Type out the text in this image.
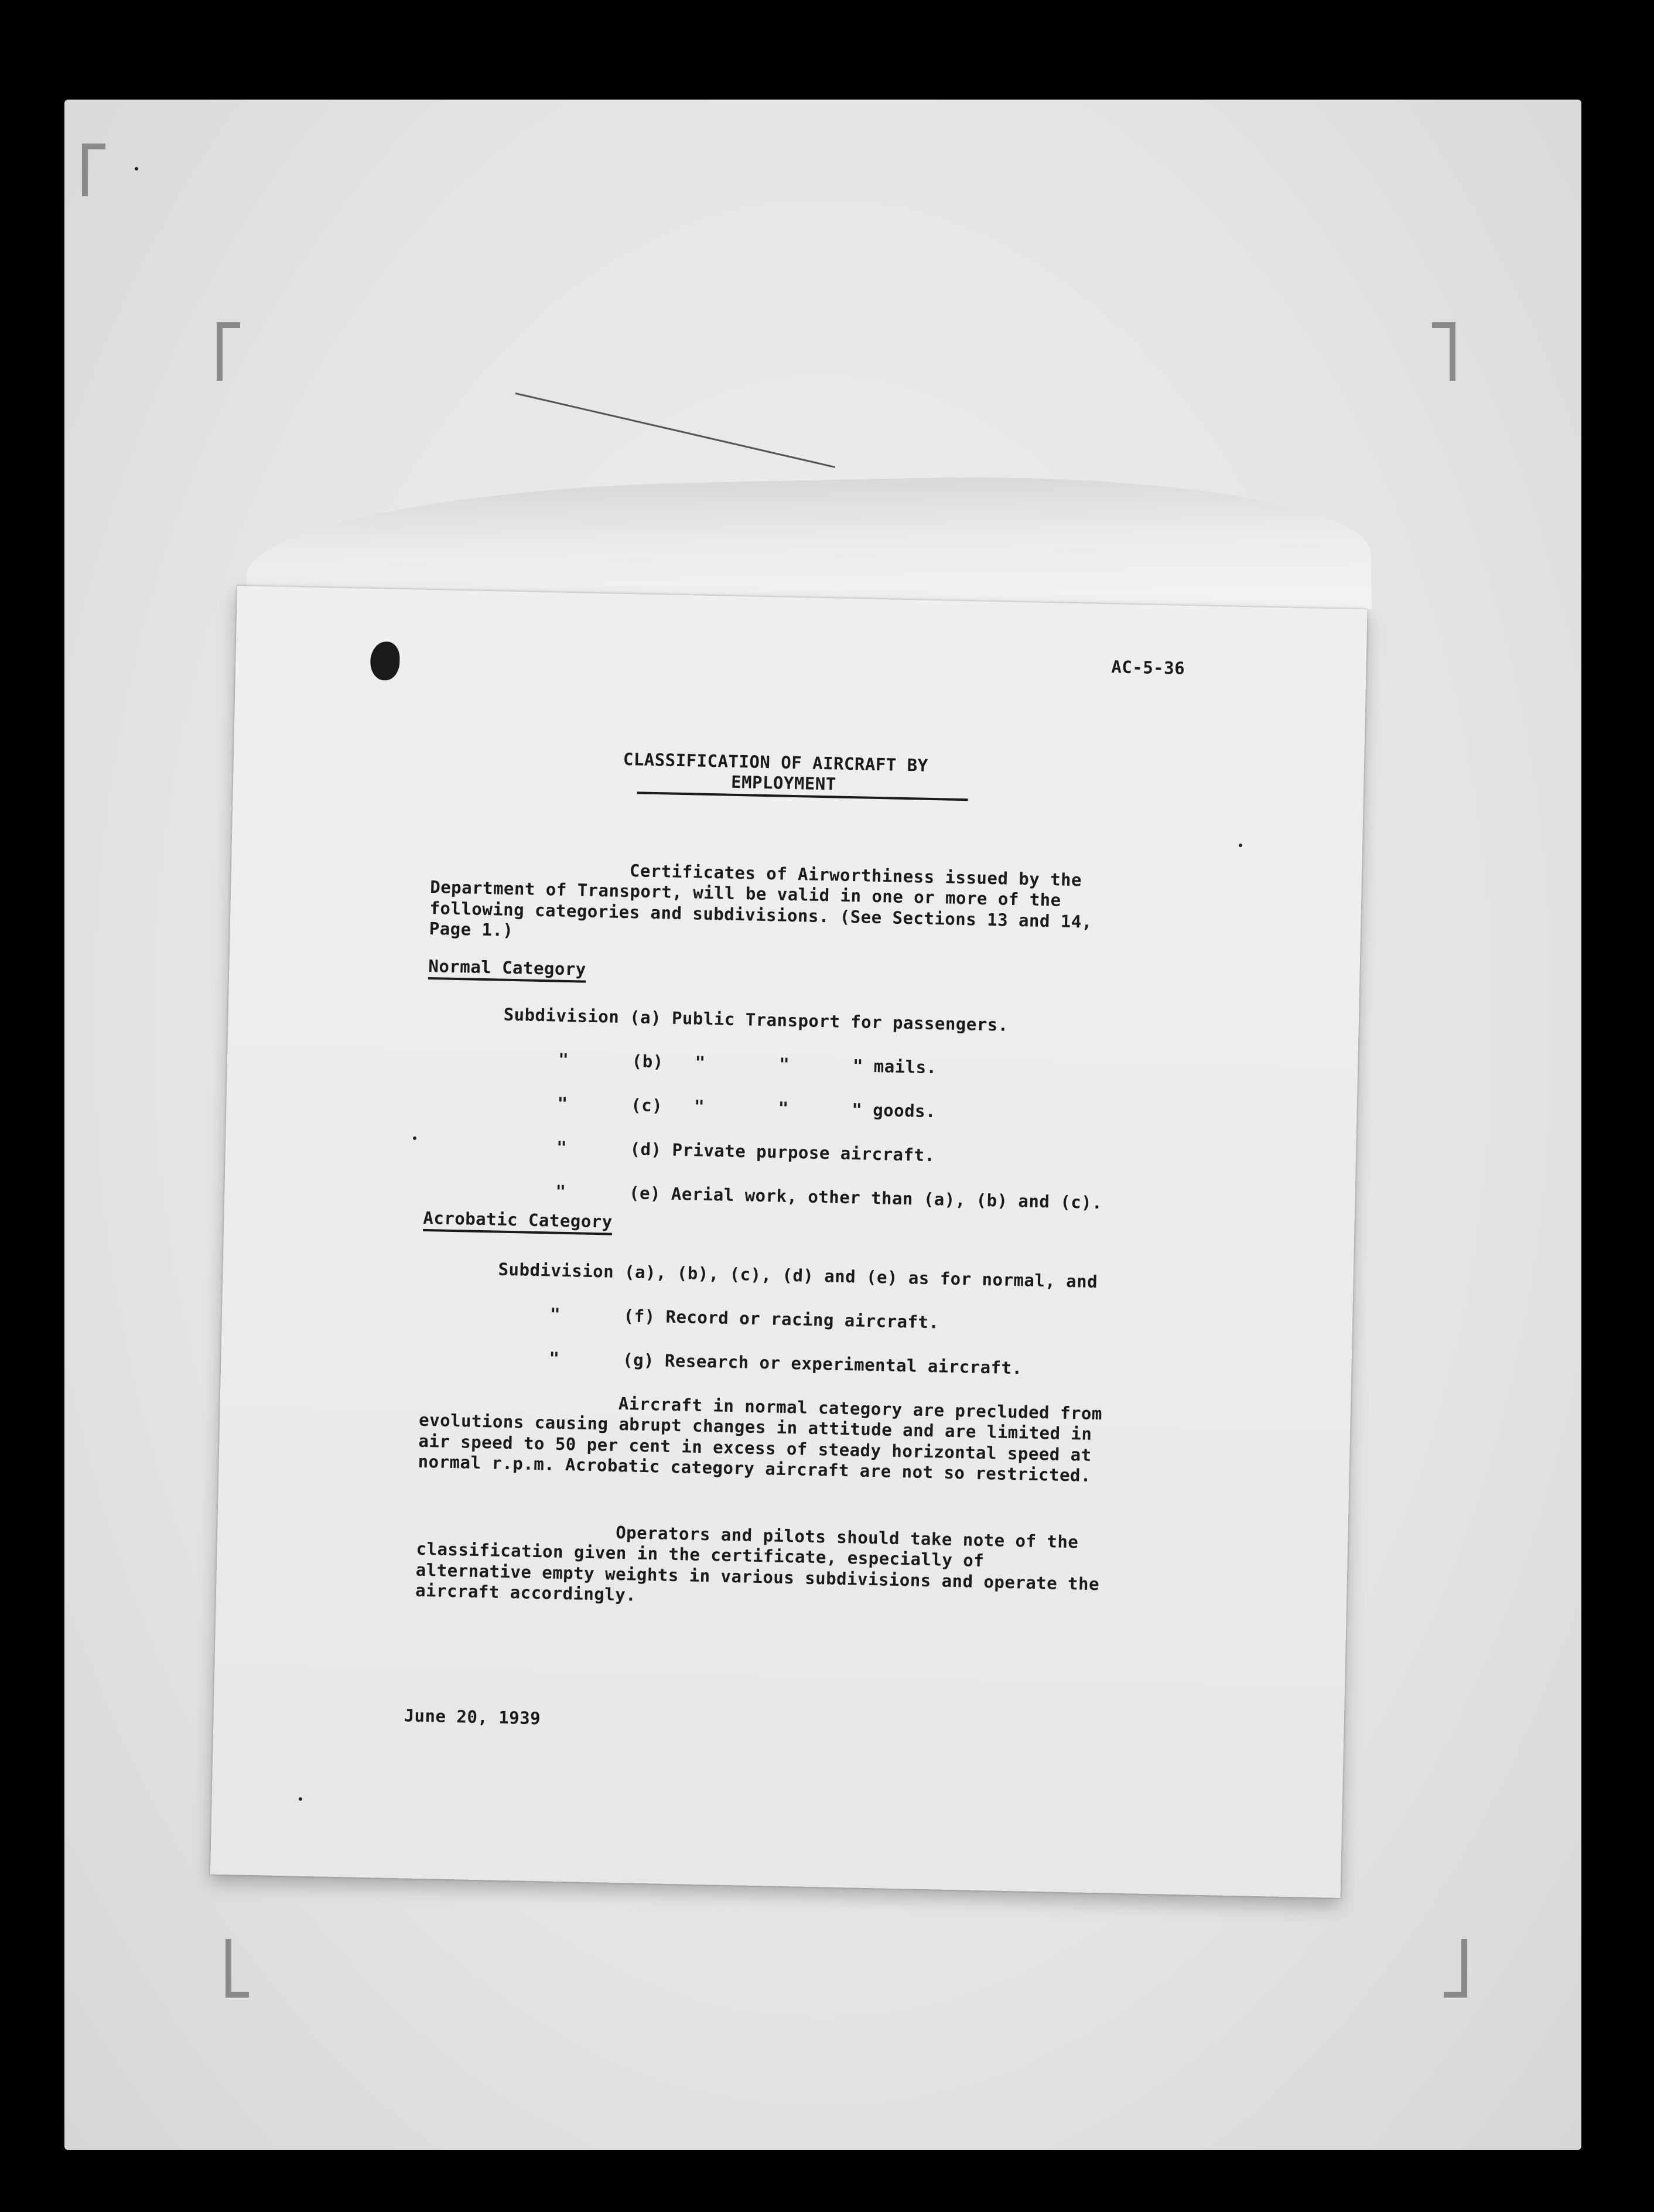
AC-5-36
CLASSIFICATION OF AIRCRAFT BY
EMPLOYMENT
Certificates of Airworthiness issued by the Department of Transport, will be valid in one or more of the following categories and subdivisions. (See Sections 13 and 14, Page 1.)
Normal Category
Subdivision (a) Public Transport for passengers.
"      (b)   "       "      " mails.
"      (c)   "       "      " goods.
"      (d) Private purpose aircraft.
"      (e) Aerial work, other than (a), (b) and (c).
Acrobatic Category
Subdivision (a), (b), (c), (d) and (e) as for normal, and
"      (f) Record or racing aircraft.
"      (g) Research or experimental aircraft.
Aircraft in normal category are precluded from evolutions causing abrupt changes in attitude and are limited in air speed to 50 per cent in excess of steady horizontal speed at normal r.p.m. Acrobatic category aircraft are not so restricted.
Operators and pilots should take note of the classification given in the certificate, especially of alternative empty weights in various subdivisions and operate the aircraft accordingly.
June 20, 1939
